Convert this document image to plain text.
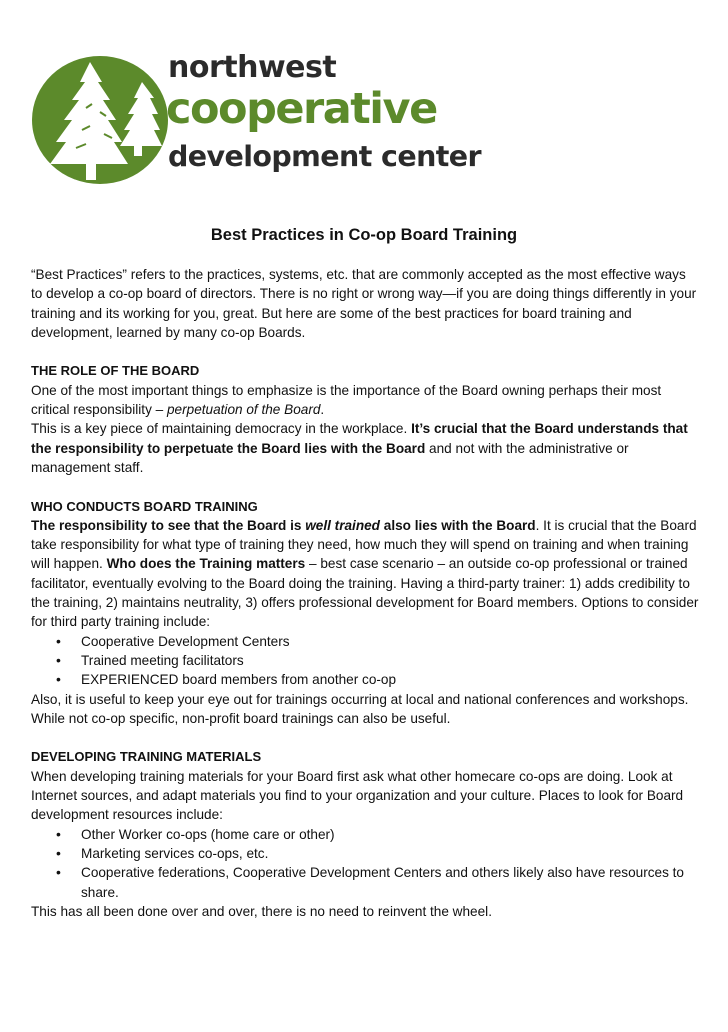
northwest
cooperative
development center
Best Practices in Co-op Board Training

“Best Practices” refers to the practices, systems, etc. that are commonly accepted as the most effective ways to develop a co-op board of directors. There is no right or wrong way—if you are doing things differently in your training and its working for you, great. But here are some of the best practices for board training and development, learned by many co-op Boards.

THE ROLE OF THE BOARD

One of the most important things to emphasize is the importance of the Board owning perhaps their most critical responsibility – perpetuation of the Board.

This is a key piece of maintaining democracy in the workplace. It’s crucial that the Board understands that the responsibility to perpetuate the Board lies with the Board and not with the administrative or management staff.

WHO CONDUCTS BOARD TRAINING

The responsibility to see that the Board is well trained also lies with the Board. It is crucial that the Board take responsibility for what type of training they need, how much they will spend on training and when training will happen. Who does the Training matters – best case scenario – an outside co-op professional or trained facilitator, eventually evolving to the Board doing the training. Having a third-party trainer: 1) adds credibility to the training, 2) maintains neutrality, 3) offers professional development for Board members. Options to consider for third party training include:

• Cooperative Development Centers
• Trained meeting facilitators
• EXPERIENCED board members from another co-op

Also, it is useful to keep your eye out for trainings occurring at local and national conferences and workshops. While not co-op specific, non-profit board trainings can also be useful.

DEVELOPING TRAINING MATERIALS

When developing training materials for your Board first ask what other homecare co-ops are doing. Look at Internet sources, and adapt materials you find to your organization and your culture. Places to look for Board development resources include:

• Other Worker co-ops (home care or other)
• Marketing services co-ops, etc.
• Cooperative federations, Cooperative Development Centers and others likely also have resources to share.

This has all been done over and over, there is no need to reinvent the wheel.
